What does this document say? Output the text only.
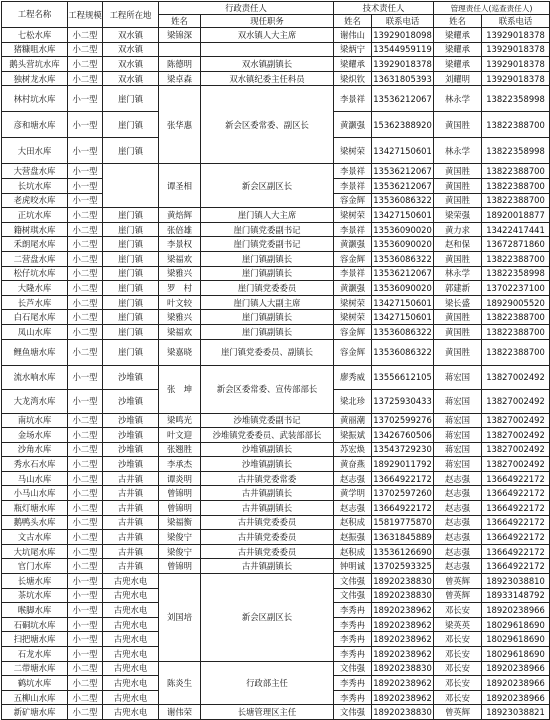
工程名称	工程规模	工程所在地	行政责任人		技术责任人		管理责任人(巡查责任人)	
			姓名	现任职务	姓名	联系电话	姓名	联系电话
七松水库	小二型	双水镇	梁锦深	双水镇人大主席	谢伟山	13929018098	梁耀承	13929018378
猪糠咀水库	小二型	双水镇			梁炳宁	13544959119	梁耀承	13929018378
鹅头营坑水库	小二型	双水镇	陈德明	双水镇副镇长	梁耀承	13929018378	梁耀承	13929018378
独树龙水库	小二型	双水镇	梁卓森	双水镇纪委主任科员	梁炽钦	13631805393	刘耀明	13929018378
林村坑水库	小一型	崖门镇	张华惠	新会区委常委、副区长	李景祥	13536212067	林永学	13822358998
彦和塘水库	小一型	崖门镇			黄灏强	15362388920	黄国胜	13822388700
大田水库	小一型	崖门镇			梁树荣	13427150601	林永学	13822358998
大营盘水库	小一型		谭圣相	新会区副区长	李景祥	13536212067	黄国胜	13822388700
长坑水库	小一型				李景祥	13536212067	黄国胜	13822388700
老虎咬水库	小一型				容金辉	13536086322	黄国胜	13822388700
正坑水库	小二型	崖门镇	黄焙辉	崖门镇人大主席	梁树荣	13427150601	梁荣强	18920018877
籍树琪水库	小二型	崖门镇	张倍雄	崖门镇党委副书记	李景祥	13536090020	黄力求	13422417441
禾朗尾水库	小二型	崖门镇	李景权	崖门镇党委副书记	黄灏强	13536090020	赵和保	13672871860
二营盘水库	小二型	崖门镇	梁福欢	崖门镇副镇长	容金辉	13536086322	黄国胜	13822388700
松仔坑水库	小二型	崖门镇	梁雅兴	崖门镇副镇长	李景祥	13536212067	林永学	13822358998
大隆水库	小二型	崖门镇	罗　村	崖门镇党委委员	黄灏强	13536090020	郭建新	13702237100
长芦水库	小二型	崖门镇	叶文较	崖门镇人大副主席	梁树荣	13427150601	梁长盛	18929005520
白石尾水库	小二型	崖门镇	梁雅兴	崖门镇副镇长	梁树荣	13427150601	黄国胜	13822388700
凤山水库	小二型	崖门镇	梁福欢	崖门镇副镇长	容金辉	13536086322	黄国胜	13822388700
鲤鱼塘水库	小二型	崖门镇	梁嘉晓	崖门镇党委委员、副镇长	容金辉	13536086322	黄国胜	13822388700
流水响水库	小一型	沙堆镇	张　坤	新会区委常委、宣传部部长	廖秀威	13556612105	蒋宏国	13827002492
大龙湾水库	小一型	沙堆镇			梁北珍	13725930433	蒋宏国	13827002492
南坑水库	小二型	沙堆镇	梁鸣光	沙堆镇党委副书记	黄丽潮	13702599276	蒋宏国	13827002492
金场水库	小二型	沙堆镇	叶文迎	沙堆镇党委委员、武装部部长	梁振斌	13426760506	蒋宏国	13827002492
沙角水库	小二型	沙堆镇	张翘胜	沙堆镇副镇长	苏宏焕	13543729230	蒋宏国	13827002492
秀水石水库	小二型	沙堆镇	李承杰	沙堆镇副镇长	黄奋燕	18929011792	蒋宏国	13827002492
马山水库	小二型	古井镇	谭炎明	古井镇党委常委	赵志强	13664922172	赵志强	13664922172
小马山水库	小二型	古井镇	曾锦明	古井镇副镇长	黄学明	13702597260	赵志强	13664922172
瓶灯塘水库	小二型	古井镇	曾锦明	古井镇副镇长	赵志强	13664922172	赵志强	13664922172
鹅鸭头水库	小二型	古井镇	梁福衡	古井镇党委委员	赵积成	15819775870	赵志强	13664922172
文古水库	小二型	古井镇	梁俊宁	古井镇党委委员	赵振强	13631845889	赵志强	13664922172
大坑尾水库	小二型	古井镇	梁俊宁	古井镇党委委员	赵积成	13536126690	赵志强	13664922172
官门水库	小二型	古井镇	曾锦明	古井镇副镇长	钟明诚	13702593325	赵志强	13664922172
长塘水库	小一型	古兜水电	刘国培	新会区副区长	文伟强	18920238830	曾英辉	18923038810
茶坑水库	小一型	古兜水电			文伟强	18920238830	曾英辉	18933148792
喉脚水库	小一型	古兜水电			李秀冉	18920238962	邓长安	18920238966
石硐坑水库	小一型	古兜水电			李秀冉	18920238962	梁英英	18029618690
扫把塘水库	小一型	古兜水电			李秀冉	18920238962	邓长安	18029618690
石龙水库	小一型	古兜水电			李秀冉	18920238962	邓长安	18029618690
二带塘水库	小二型	古兜水电	陈炎生	行政部主任	文伟强	18920238830	邓长安	18920238966
鹤坑水库	小二型	古兜水电			李秀冉	18920238962	邓长安	18920238966
五柳山水库	小二型	古兜水电			李秀冉	18920238962	邓长安	18920238966
新矿塘水库	小二型	古兜水电	谢伟荣	长塘管理区主任	文伟强	18920238830	曾英辉	18923038821
